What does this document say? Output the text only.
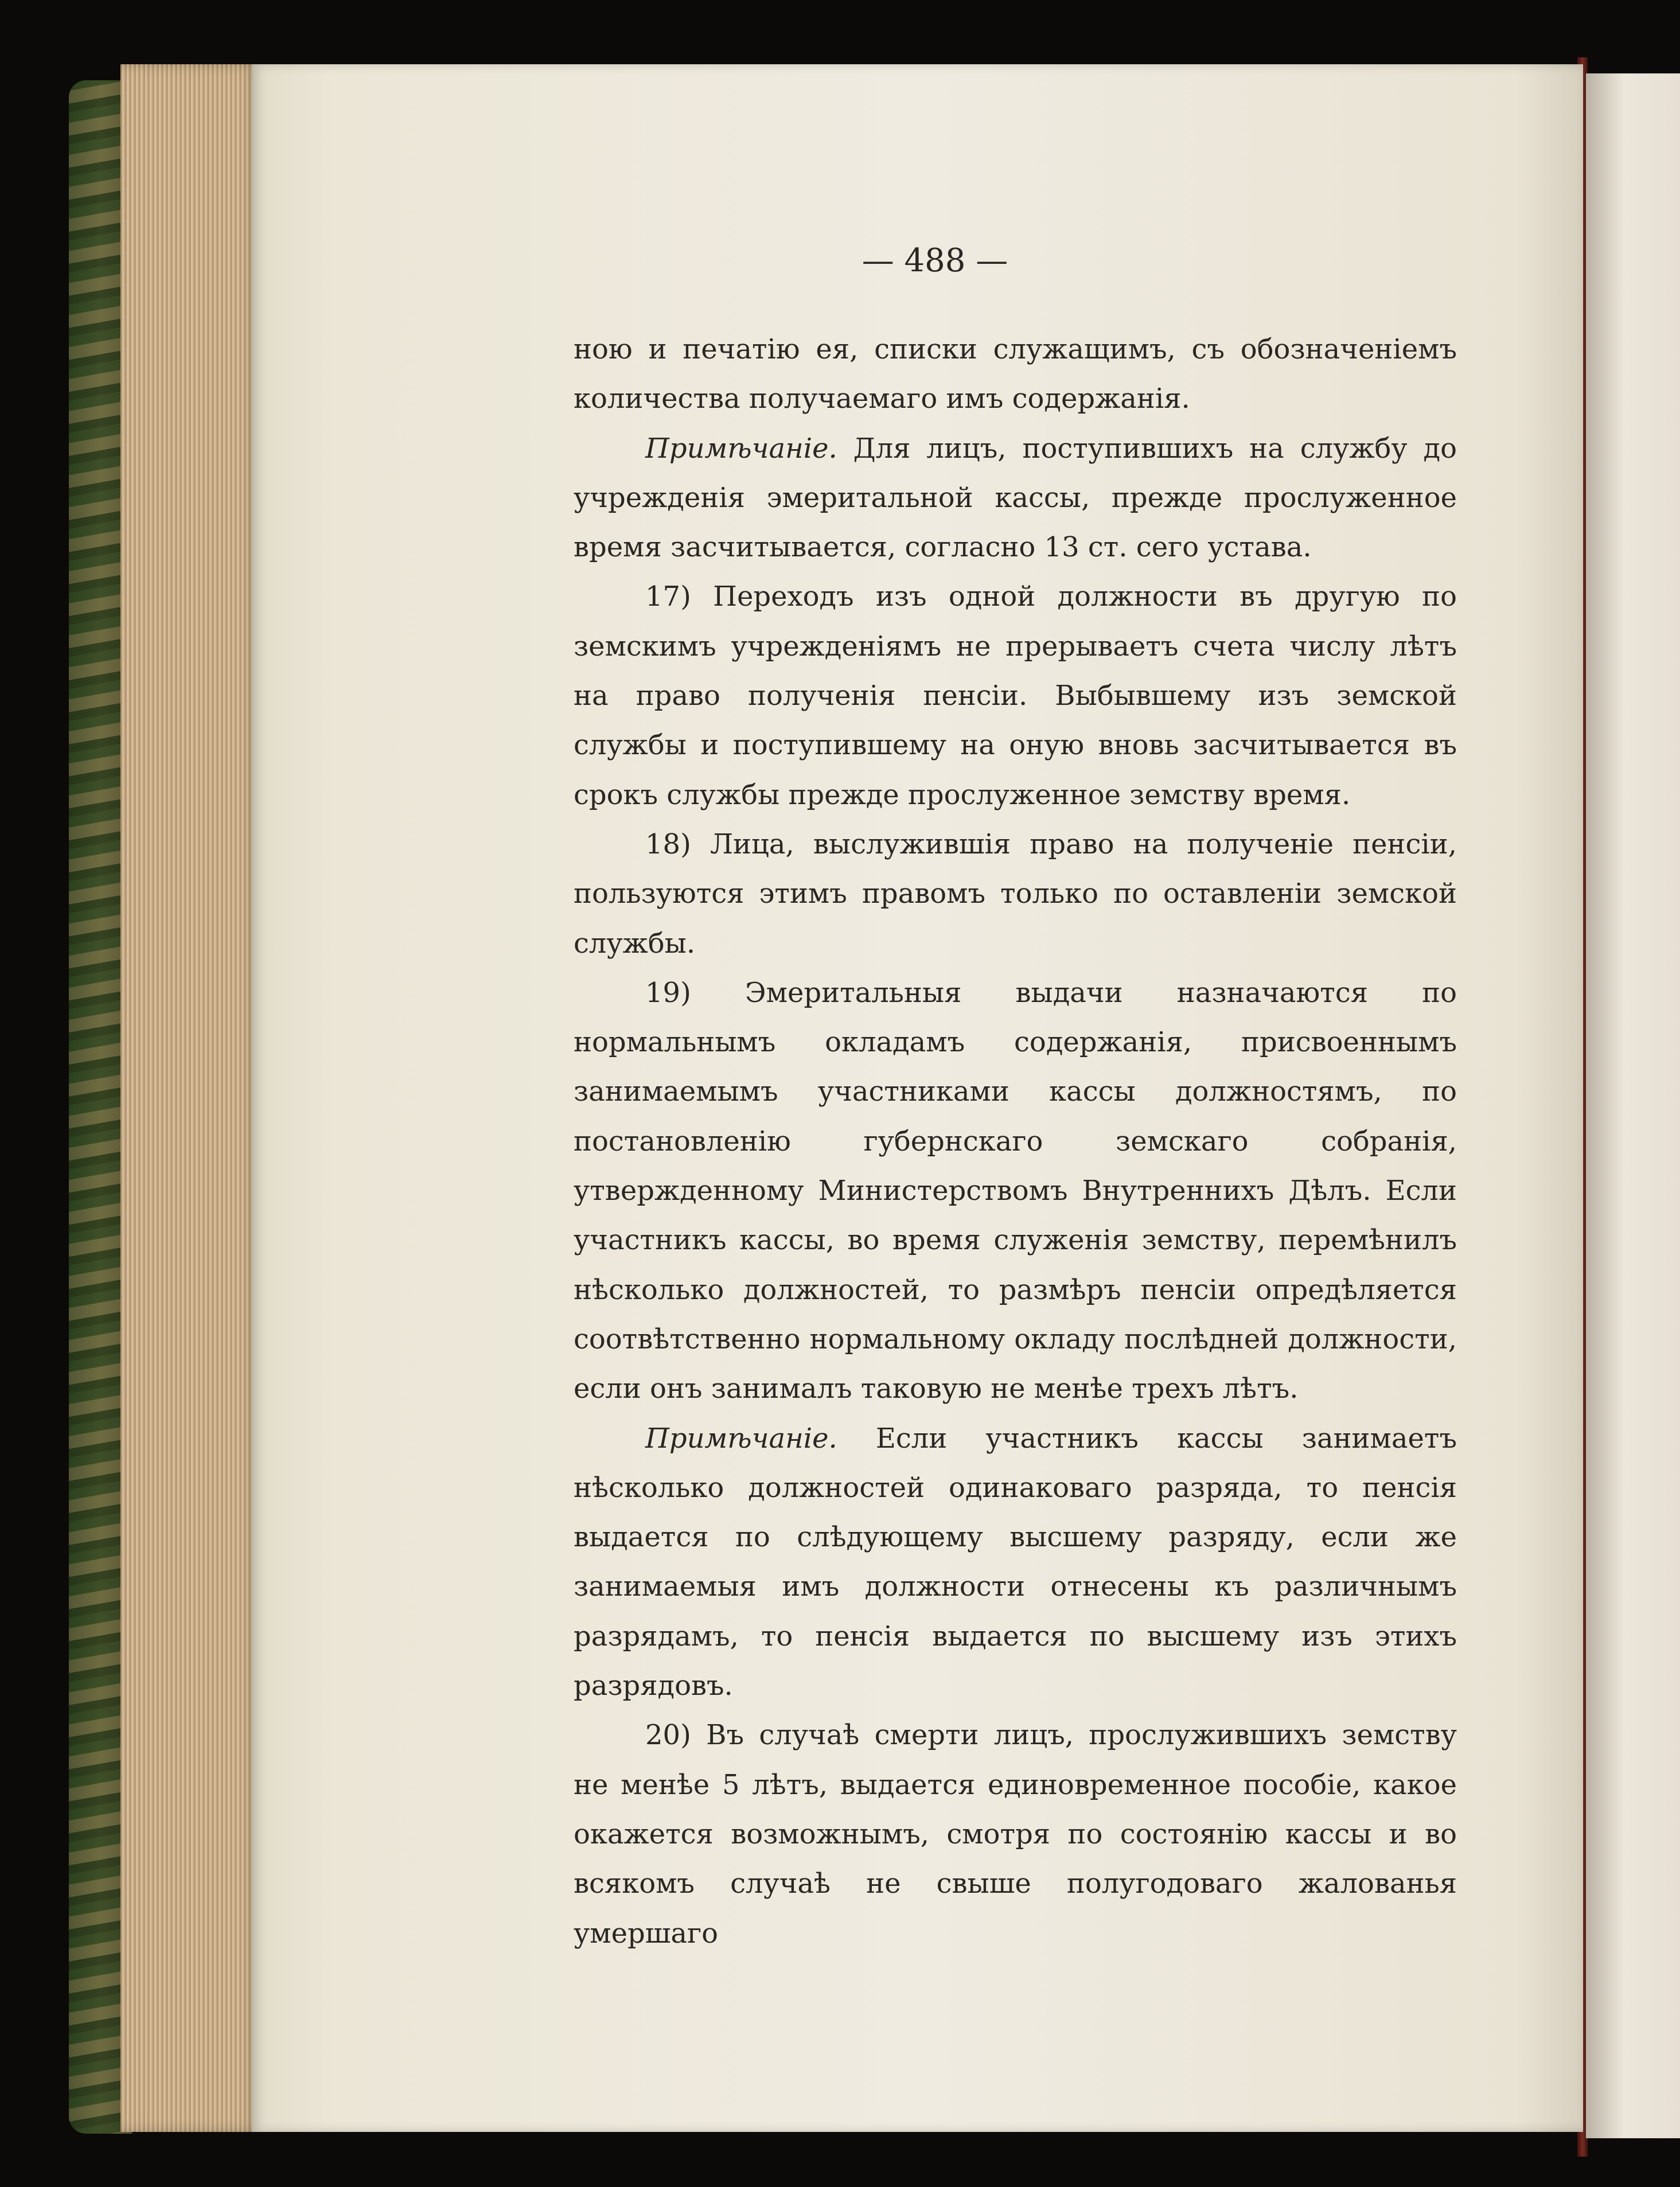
— 488 —

ною и печатію ея, списки служащимъ, съ обозначеніемъ количества получаемаго имъ содержанія.

Примѣчаніе. Для лицъ, поступившихъ на службу до учрежденія эмеритальной кассы, прежде прослуженное время засчитывается, согласно 13 ст. сего устава.

17) Переходъ изъ одной должности въ другую по земскимъ учрежденіямъ не прерываетъ счета числу лѣтъ на право полученія пенсіи. Выбывшему изъ земской службы и поступившему на оную вновь засчитывается въ срокъ службы прежде прослуженное земству время.

18) Лица, выслужившія право на полученіе пенсіи, пользуются этимъ правомъ только по оставленіи земской службы.

19) Эмеритальныя выдачи назначаются по нормальнымъ окладамъ содержанія, присвоеннымъ занимаемымъ участниками кассы должностямъ, по постановленію губернскаго земскаго собранія, утвержденному Министерствомъ Внутреннихъ Дѣлъ. Если участникъ кассы, во время служенія земству, перемѣнилъ нѣсколько должностей, то размѣръ пенсіи опредѣляется соотвѣтственно нормальному окладу послѣдней должности, если онъ занималъ таковую не менѣе трехъ лѣтъ.

Примѣчаніе. Если участникъ кассы занимаетъ нѣсколько должностей одинаковаго разряда, то пенсія выдается по слѣдующему высшему разряду, если же занимаемыя имъ должности отнесены къ различнымъ разрядамъ, то пенсія выдается по высшему изъ этихъ разрядовъ.

20) Въ случаѣ смерти лицъ, прослужившихъ земству не менѣе 5 лѣтъ, выдается единовременное пособіе, какое окажется возможнымъ, смотря по состоянію кассы и во всякомъ случаѣ не свыше полугодоваго жалованья умершаго
